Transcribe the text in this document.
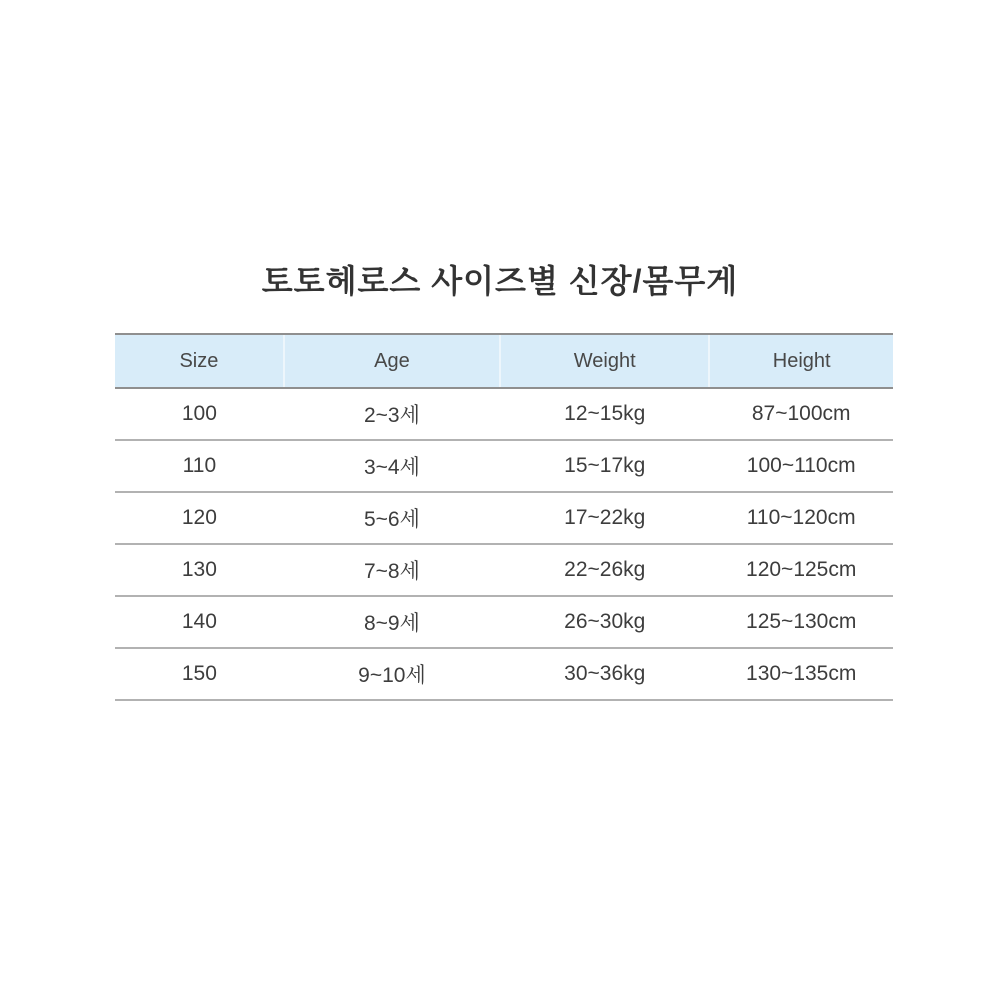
토토헤로스 사이즈별 신장/몸무게
Size	Age	Weight	Height
100	2~3세	12~15kg	87~100cm
110	3~4세	15~17kg	100~110cm
120	5~6세	17~22kg	110~120cm
130	7~8세	22~26kg	120~125cm
140	8~9세	26~30kg	125~130cm
150	9~10세	30~36kg	130~135cm
